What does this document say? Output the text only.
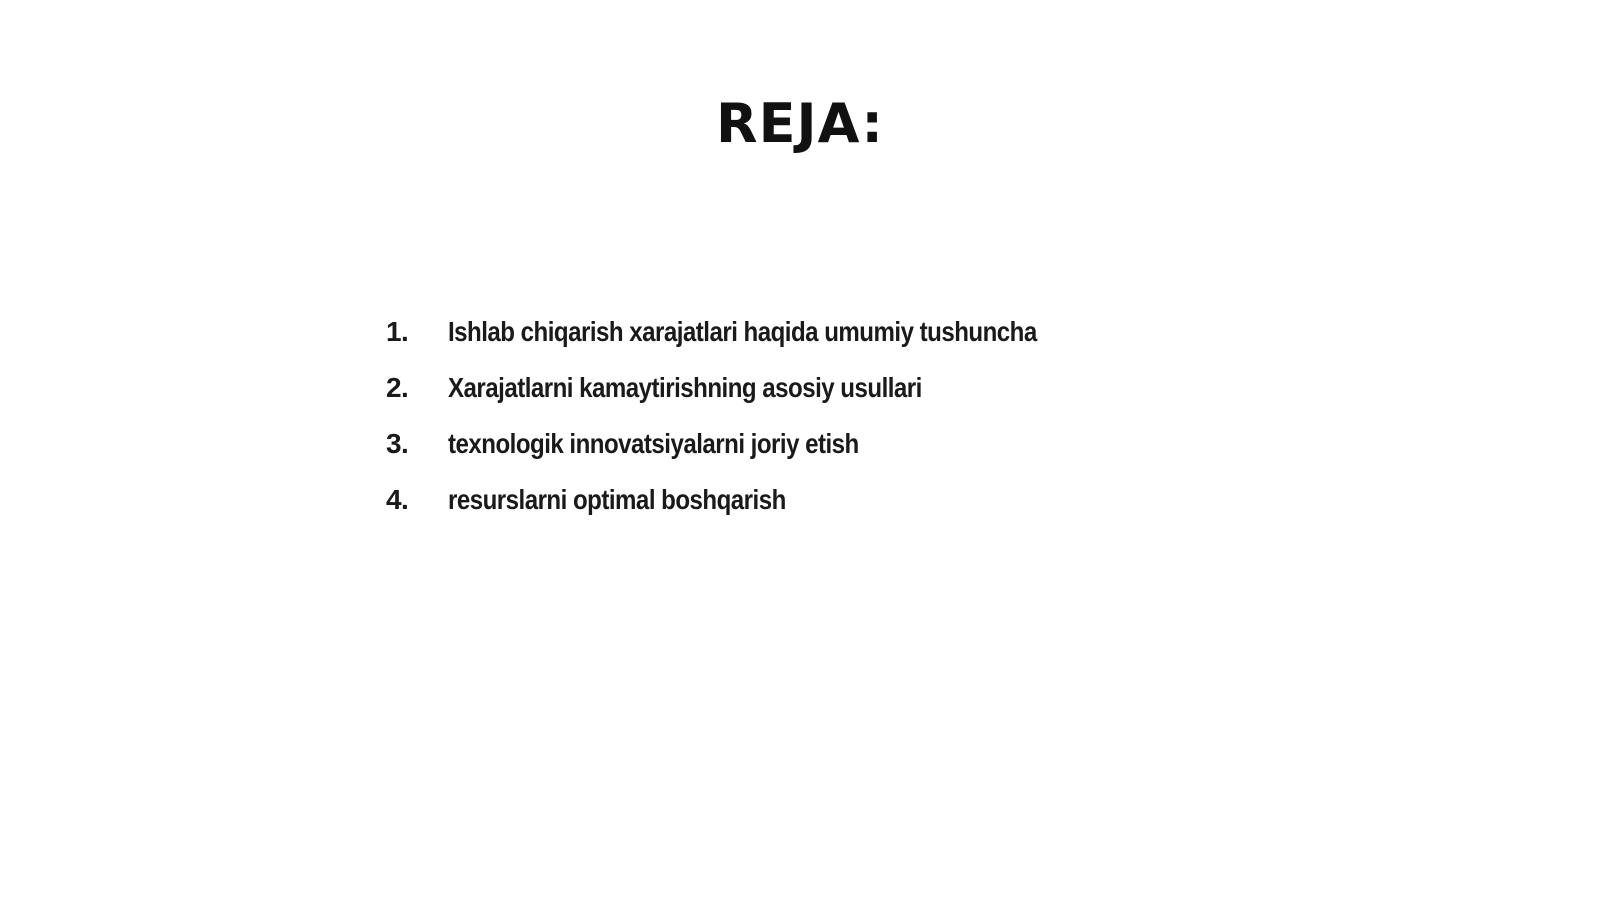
REJA:
1.	Ishlab chiqarish xarajatlari haqida umumiy tushuncha
2.	Xarajatlarni kamaytirishning asosiy usullari
3.	texnologik innovatsiyalarni joriy etish
4.	resurslarni optimal boshqarish
